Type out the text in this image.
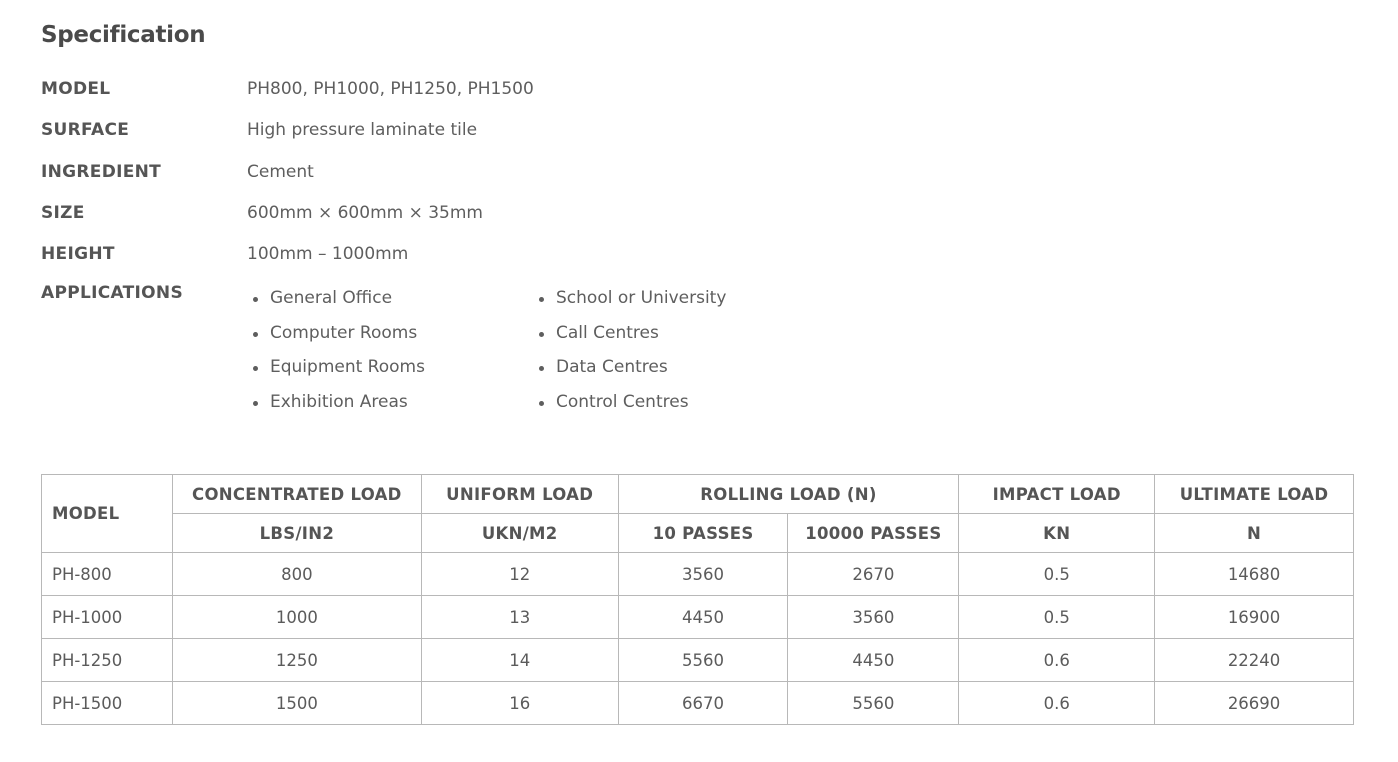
Specification
MODEL	PH800, PH1000, PH1250, PH1500
SURFACE	High pressure laminate tile
INGREDIENT	Cement
SIZE	600mm × 600mm × 35mm
HEIGHT	100mm – 1000mm
APPLICATIONS	General Office
Computer Rooms
Equipment Rooms
Exhibition Areas
School or University
Call Centres
Data Centres
Control Centres
MODEL	CONCENTRATED LOAD	UNIFORM LOAD	ROLLING LOAD (N)		IMPACT LOAD	ULTIMATE LOAD
	LBS/IN2	UKN/M2	10 PASSES	10000 PASSES	KN	N
PH-800	800	12	3560	2670	0.5	14680
PH-1000	1000	13	4450	3560	0.5	16900
PH-1250	1250	14	5560	4450	0.6	22240
PH-1500	1500	16	6670	5560	0.6	26690
